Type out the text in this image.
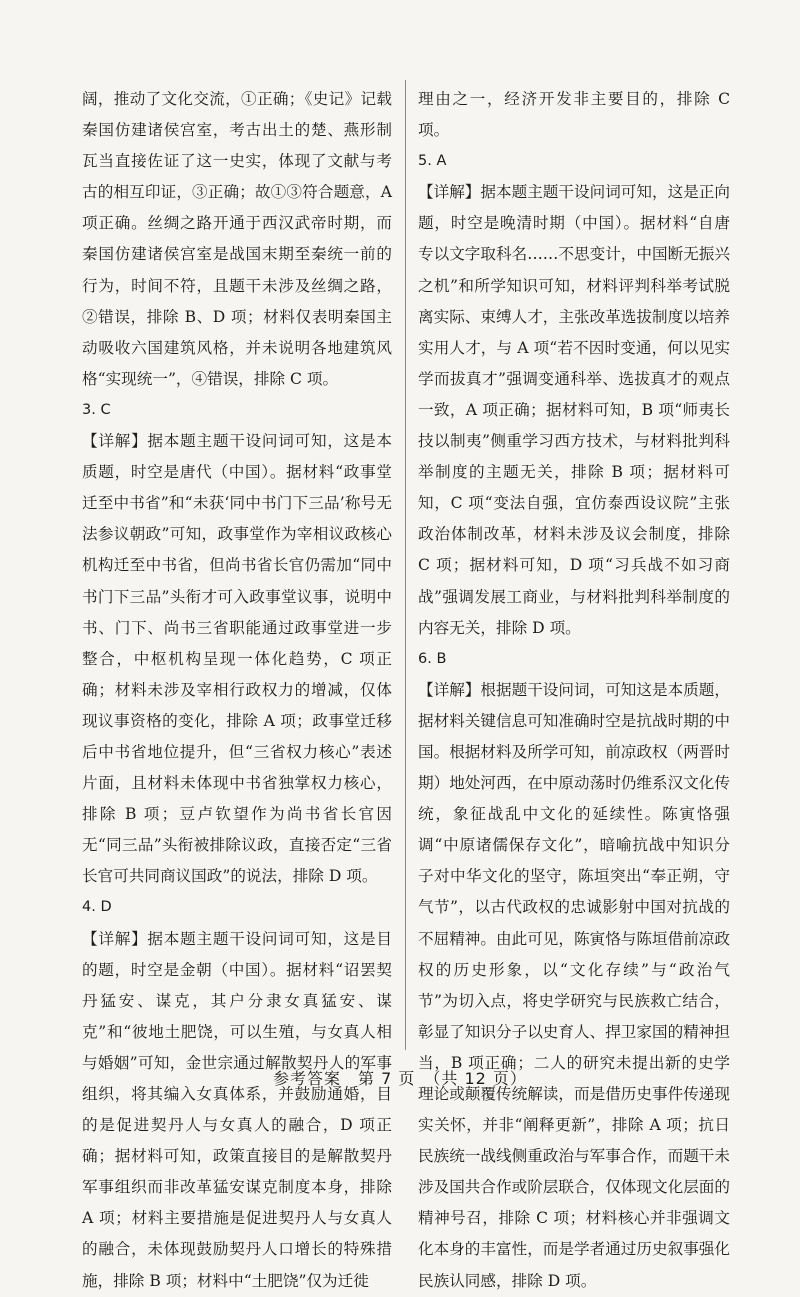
阔，推动了文化交流，①正确；《史记》记载秦国仿建诸侯宫室，考古出土的楚、燕形制瓦当直接佐证了这一史实，体现了文献与考古的相互印证，③正确；故①③符合题意，A 项正确。丝绸之路开通于西汉武帝时期，而秦国仿建诸侯宫室是战国末期至秦统一前的行为，时间不符，且题干未涉及丝绸之路，②错误，排除 B、D 项；材料仅表明秦国主动吸收六国建筑风格，并未说明各地建筑风格“实现统一”，④错误，排除 C 项。

3. C

【详解】据本题主题干设问词可知，这是本质题，时空是唐代（中国）。据材料“政事堂迁至中书省”和“未获‘同中书门下三品’称号无法参议朝政”可知，政事堂作为宰相议政核心机构迁至中书省，但尚书省长官仍需加“同中书门下三品”头衔才可入政事堂议事，说明中书、门下、尚书三省职能通过政事堂进一步整合，中枢机构呈现一体化趋势，C 项正确；材料未涉及宰相行政权力的增减，仅体现议事资格的变化，排除 A 项；政事堂迁移后中书省地位提升，但“三省权力核心”表述片面，且材料未体现中书省独掌权力核心，排除 B 项；豆卢钦望作为尚书省长官因无“同三品”头衔被排除议政，直接否定“三省长官可共同商议国政”的说法，排除 D 项。

4. D

【详解】据本题主题干设问词可知，这是目的题，时空是金朝（中国）。据材料“诏罢契丹猛安、谋克，其户分隶女真猛安、谋克”和“彼地土肥饶，可以生殖，与女真人相与婚姻”可知，金世宗通过解散契丹人的军事组织，将其编入女真体系，并鼓励通婚，目的是促进契丹人与女真人的融合，D 项正确；据材料可知，政策直接目的是解散契丹军事组织而非改革猛安谋克制度本身，排除 A 项；材料主要措施是促进契丹人与女真人的融合，未体现鼓励契丹人口增长的特殊措施，排除 B 项；材料中“土肥饶”仅为迁徙

理由之一，经济开发非主要目的，排除 C 项。

5. A

【详解】据本题主题干设问词可知，这是正向题，时空是晚清时期（中国）。据材料“自唐专以文字取科名……不思变计，中国断无振兴之机”和所学知识可知，材料评判科举考试脱离实际、束缚人才，主张改革选拔制度以培养实用人才，与 A 项“若不因时变通，何以见实学而拔真才”强调变通科举、选拔真才的观点一致，A 项正确；据材料可知，B 项“师夷长技以制夷”侧重学习西方技术，与材料批判科举制度的主题无关，排除 B 项；据材料可知，C 项“变法自强，宜仿泰西设议院”主张政治体制改革，材料未涉及议会制度，排除 C 项；据材料可知，D 项“习兵战不如习商战”强调发展工商业，与材料批判科举制度的内容无关，排除 D 项。

6. B

【详解】根据题干设问词，可知这是本质题，据材料关键信息可知准确时空是抗战时期的中国。根据材料及所学可知，前凉政权（两晋时期）地处河西，在中原动荡时仍维系汉文化传统，象征战乱中文化的延续性。陈寅恪强调“中原诸儒保存文化”，暗喻抗战中知识分子对中华文化的坚守，陈垣突出“奉正朔，守气节”，以古代政权的忠诚影射中国对抗战的不屈精神。由此可见，陈寅恪与陈垣借前凉政权的历史形象，以“文化存续”与“政治气节”为切入点，将史学研究与民族救亡结合，彰显了知识分子以史育人、捍卫家国的精神担当，B 项正确；二人的研究未提出新的史学理论或颠覆传统解读，而是借历史事件传递现实关怀，并非“阐释更新”，排除 A 项；抗日民族统一战线侧重政治与军事合作，而题干未涉及国共合作或阶层联合，仅体现文化层面的精神号召，排除 C 项；材料核心并非强调文化本身的丰富性，而是学者通过历史叙事强化民族认同感，排除 D 项。

参考答案　第 7 页　（共 12 页）
